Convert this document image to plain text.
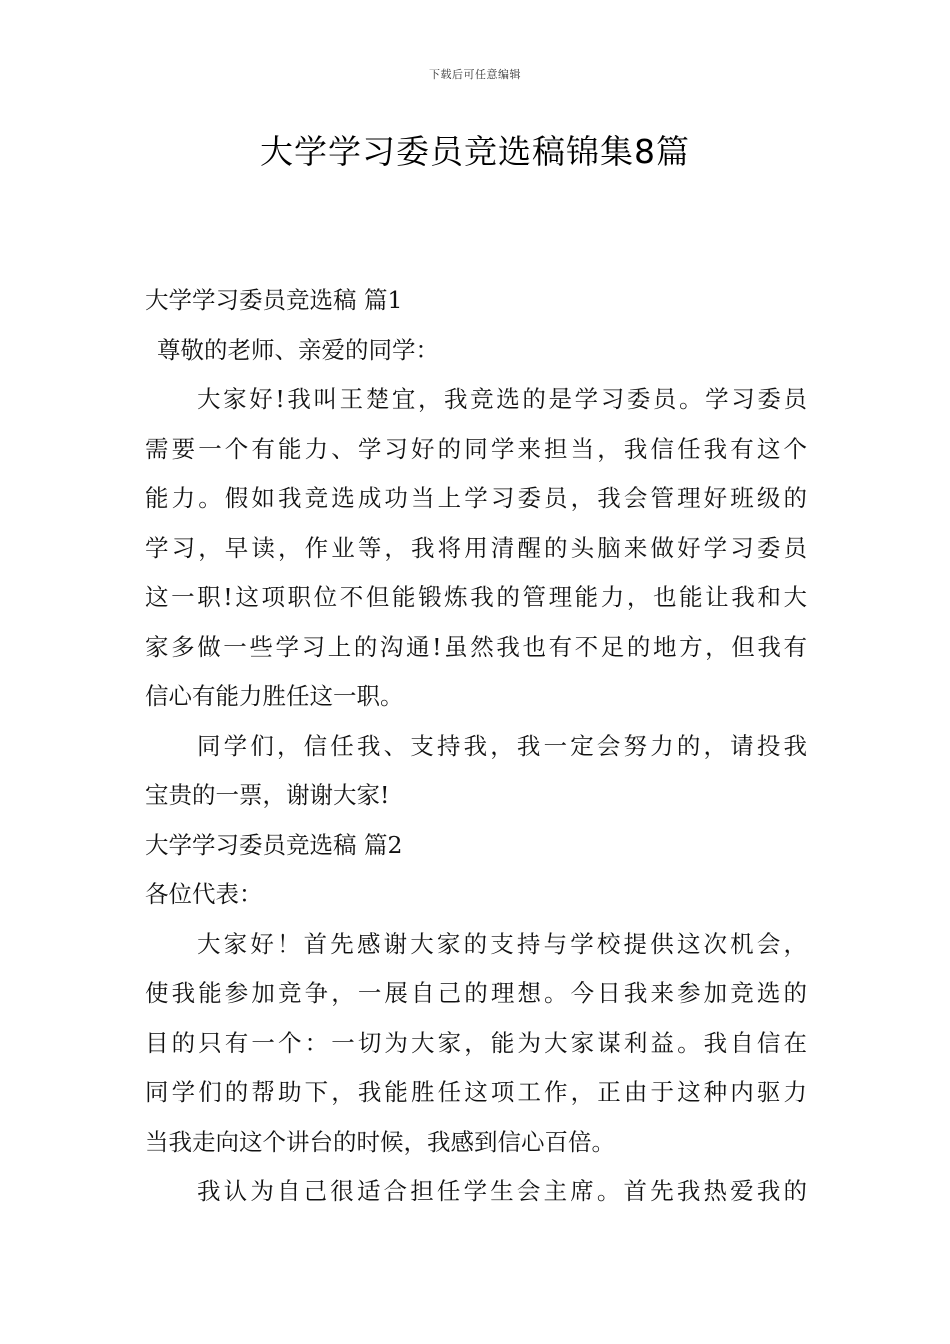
下载后可任意编辑
大学学习委员竞选稿锦集8篇
大学学习委员竞选稿 篇1
尊敬的老师、亲爱的同学：
大家好!我叫王楚宜，我竞选的是学习委员。学习委员
需要一个有能力、学习好的同学来担当，我信任我有这个
能力。假如我竞选成功当上学习委员，我会管理好班级的
学习，早读，作业等，我将用清醒的头脑来做好学习委员
这一职!这项职位不但能锻炼我的管理能力，也能让我和大
家多做一些学习上的沟通!虽然我也有不足的地方，但我有
信心有能力胜任这一职。
同学们，信任我、支持我，我一定会努力的，请投我
宝贵的一票，谢谢大家!
大学学习委员竞选稿 篇2
各位代表：
大家好！首先感谢大家的支持与学校提供这次机会，
使我能参加竞争，一展自己的理想。今日我来参加竞选的
目的只有一个：一切为大家，能为大家谋利益。我自信在
同学们的帮助下，我能胜任这项工作，正由于这种内驱力
当我走向这个讲台的时候，我感到信心百倍。
我认为自己很适合担任学生会主席。首先我热爱我的
